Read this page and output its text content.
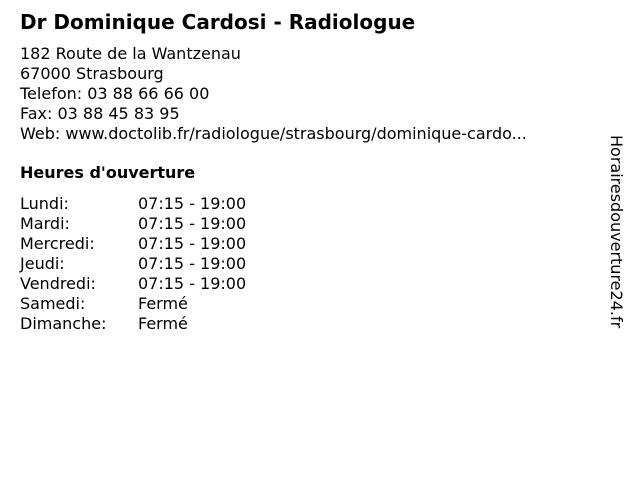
Dr Dominique Cardosi - Radiologue
182 Route de la Wantzenau
67000 Strasbourg
Telefon: 03 88 66 66 00
Fax: 03 88 45 83 95
Web: www.doctolib.fr/radiologue/strasbourg/dominique-cardo...
Heures d'ouverture
Lundi:	07:15 - 19:00
Mardi:	07:15 - 19:00
Mercredi:	07:15 - 19:00
Jeudi:	07:15 - 19:00
Vendredi:	07:15 - 19:00
Samedi:	Fermé
Dimanche: Fermé	Horairesdouverture24.fr
